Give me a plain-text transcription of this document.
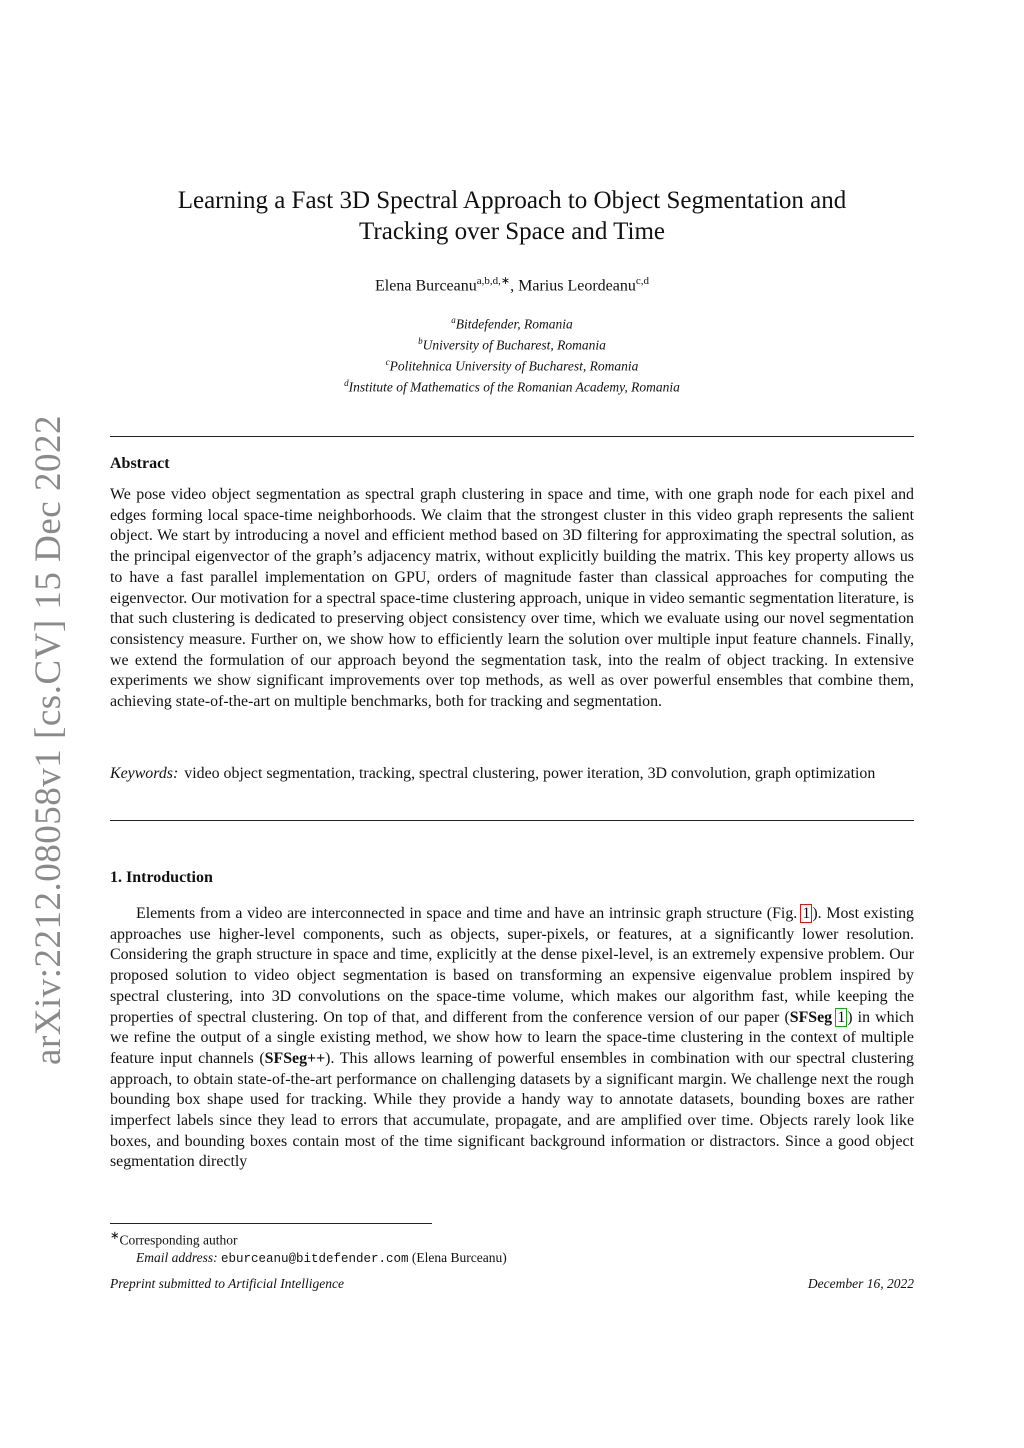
arXiv:2212.08058v1 [cs.CV] 15 Dec 2022
Learning a Fast 3D Spectral Approach to Object Segmentation and
Tracking over Space and Time
Elena Burceanu$^{a,b,d,∗}$, Marius Leordeanu$^{c,d}$
$^a$Bitdefender, Romania
$^b$University of Bucharest, Romania
$^c$Politehnica University of Bucharest, Romania
$^d$Institute of Mathematics of the Romanian Academy, Romania
Abstract
We pose video object segmentation as spectral graph clustering in space and time, with one graph node for each pixel and edges forming local space-time neighborhoods. We claim that the strongest cluster in this video graph represents the salient object. We start by introducing a novel and efficient method based on 3D filtering for approximating the spectral solution, as the principal eigenvector of the graph’s adjacency matrix, without explicitly building the matrix. This key property allows us to have a fast parallel implementation on GPU, orders of magnitude faster than classical approaches for computing the eigenvector. Our motivation for a spectral space-time clustering approach, unique in video semantic segmentation literature, is that such clustering is dedicated to preserving object consistency over time, which we evaluate using our novel segmentation consistency measure. Further on, we show how to efficiently learn the solution over multiple input feature channels. Finally, we extend the formulation of our approach beyond the segmentation task, into the realm of object tracking. In extensive experiments we show significant improvements over top methods, as well as over powerful ensembles that combine them, achieving state-of-the-art on multiple benchmarks, both for tracking and segmentation.
Keywords: video object segmentation, tracking, spectral clustering, power iteration, 3D convolution, graph optimization
1. Introduction
Elements from a video are interconnected in space and time and have an intrinsic graph structure (Fig.  1 ). Most existing approaches use higher-level components, such as objects, super-pixels, or features, at a significantly lower resolution. Considering the graph structure in space and time, explicitly at the dense pixel-level, is an extremely expensive problem. Our proposed solution to video object segmentation is based on transforming an expensive eigenvalue problem inspired by spectral clustering, into 3D convolutions on the space-time volume, which makes our algorithm fast, while keeping the properties of spectral clustering. On top of that, and different from the conference version of our paper (SFSeg  1 ) in which we refine the output of a single existing method, we show how to learn the space-time clustering in the context of multiple feature input channels (SFSeg++). This allows learning of powerful ensembles in combination with our spectral clustering approach, to obtain state-of-the-art performance on challenging datasets by a significant margin. We challenge next the rough bounding box shape used for tracking. While they provide a handy way to annotate datasets, bounding boxes are rather imperfect labels since they lead to errors that accumulate, propagate, and are amplified over time. Objects rarely look like boxes, and bounding boxes contain most of the time significant background information or distractors. Since a good object segmentation directly
∗Corresponding author
Email address: eburceanu@bitdefender.com (Elena Burceanu)
Preprint submitted to Artificial Intelligence	December 16, 2022
